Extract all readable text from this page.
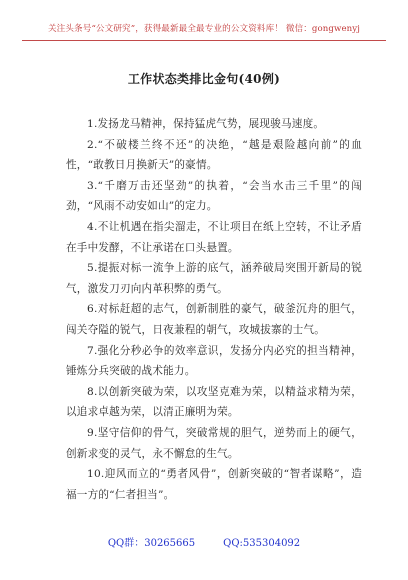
关注头条号“公文研究”，获得最新最全最专业的公文资料库！ 微信：gongwenyj
工作状态类排比金句(40例)

1.发扬龙马精神，保持猛虎气势，展现骏马速度。

2.“不破楼兰终不还”的决绝，“越是艰险越向前”的血性，“敢教日月换新天”的豪情。

3.“千磨万击还坚劲”的执着，“会当水击三千里”的闯劲，“风雨不动安如山”的定力。

4.不让机遇在指尖溜走，不让项目在纸上空转，不让矛盾在手中发酵，不让承诺在口头悬置。

5.提振对标一流争上游的底气，涵养破局突围开新局的锐气，激发刀刃向内革积弊的勇气。

6.对标赶超的志气，创新制胜的豪气，破釜沉舟的胆气，闯关夺隘的锐气，日夜兼程的朝气，攻城拔寨的士气。

7.强化分秒必争的效率意识，发扬分内必究的担当精神，锤炼分兵突破的战术能力。

8.以创新突破为荣，以攻坚克难为荣，以精益求精为荣，以追求卓越为荣，以清正廉明为荣。

9.坚守信仰的骨气，突破常规的胆气，逆势而上的硬气，创新求变的灵气，永不懈怠的生气。

10.迎风而立的“勇者风骨”，创新突破的“智者谋略”，造福一方的“仁者担当”。

QQ群：30265665	QQ:535304092
